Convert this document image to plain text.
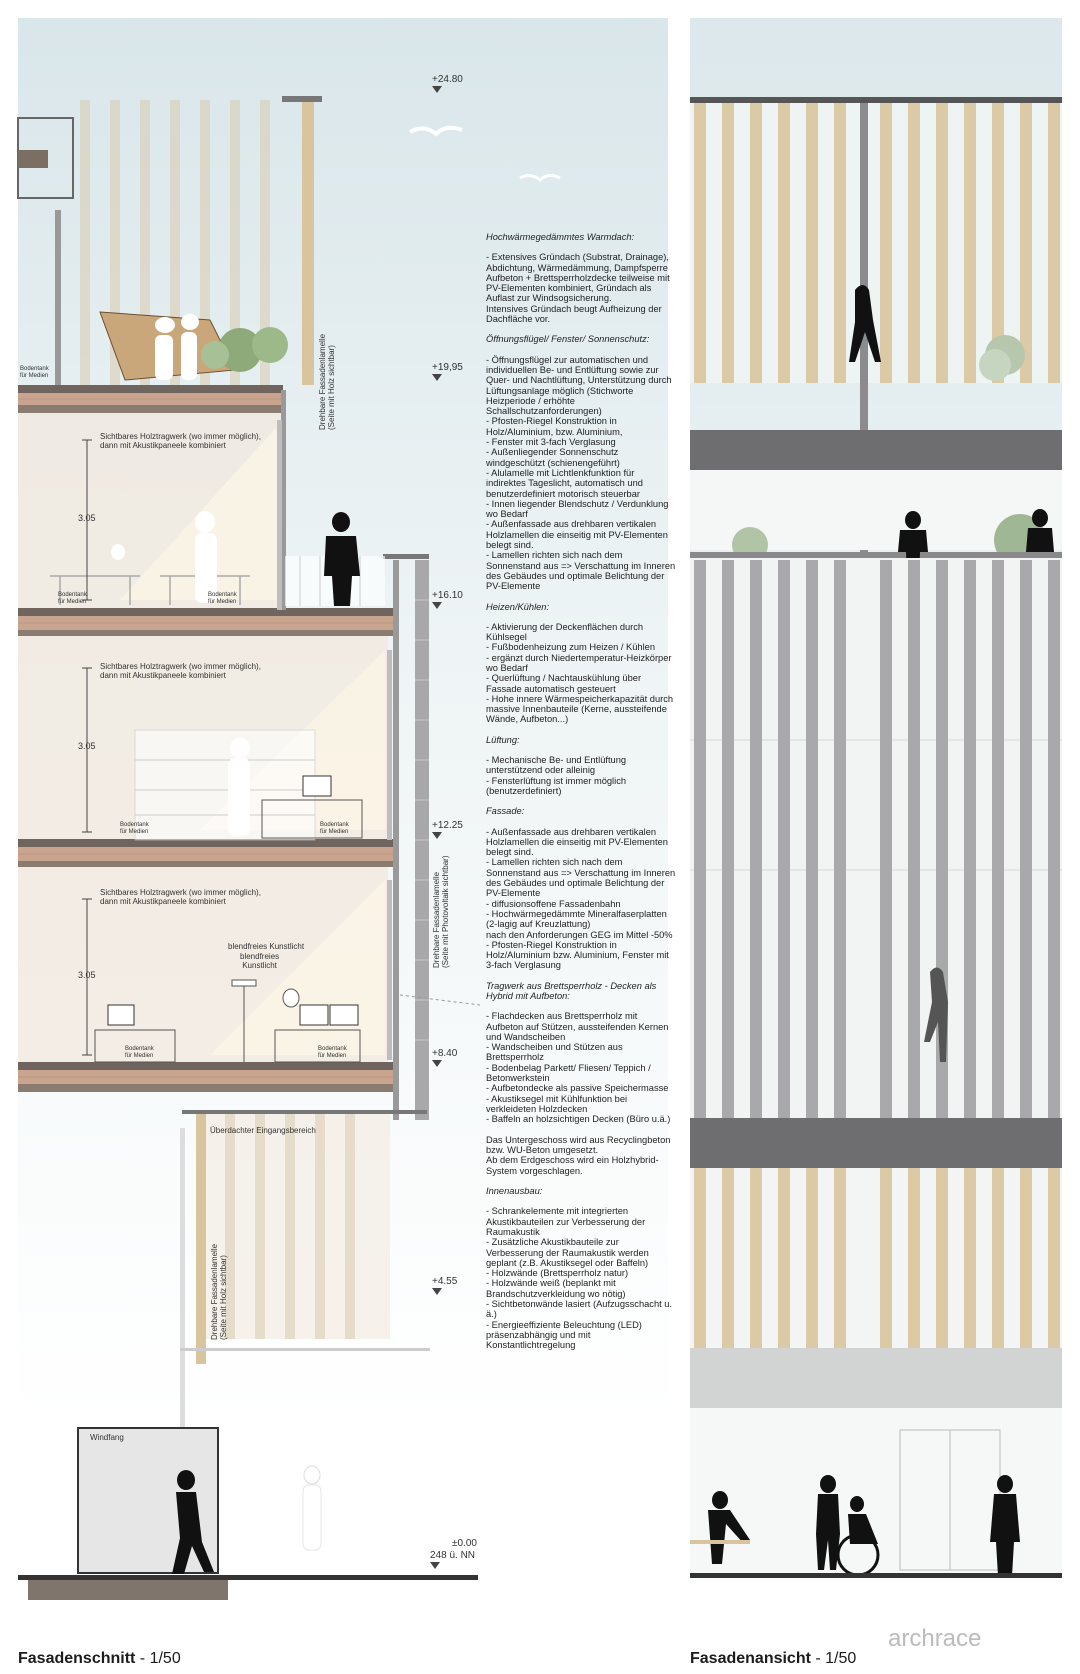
+24.80
+19,95
+16.10
+12.25
+8.40
+4.55
±0.00
248 ü. NN
3.05
3.05
3.05
Sichtbares Holztragwerk (wo immer möglich),
dann mit Akustikpaneele kombiniert
Sichtbares Holztragwerk (wo immer möglich),
dann mit Akustikpaneele kombiniert
Sichtbares Holztragwerk (wo immer möglich),
dann mit Akustikpaneele kombiniert
Bodentank
für Medien
Bodentank
für Medien
Bodentank
für Medien
Bodentank
für Medien
Bodentank
für Medien
Bodentank
für Medien
Bodentank
für Medien
blendfreies Kunstlicht
blendfreies
Kunstlicht
Überdachter Eingangsbereich
Windfang
Drehbare Fassadenlamelle
(Seite mit Holz sichtbar)
Drehbare Fassadenlamelle
(Seite mit Photovoltaik sichtbar)
Drehbare Fassadenlamelle
(Seite mit Holz sichtbar)
Hochwärmegedämmtes Warmdach:

- Extensives Gründach (Substrat, Drainage), Abdichtung, Wärmedämmung, Dampfsperre Aufbeton + Brettsperrholzdecke teilweise mit PV-Elementen kombiniert, Gründach als Auflast zur Windsogsicherung.
Intensives Gründach beugt Aufheizung der Dachfläche vor.

Öffnungsflügel/ Fenster/ Sonnenschutz:

- Öffnungsflügel zur automatischen und individuellen Be- und Entlüftung sowie zur Quer- und Nachtlüftung, Unterstützung durch Lüftungsanlage möglich (Stichworte Heizperiode / erhöhte Schallschutzanforderungen)
- Pfosten-Riegel Konstruktion in Holz/Aluminium, bzw. Aluminium,
- Fenster mit 3-fach Verglasung
- Außenliegender Sonnenschutz windgeschützt (schienengeführt)
- Alulamelle mit Lichtlenkfunktion für indirektes Tageslicht, automatisch und benutzerdefiniert motorisch steuerbar
- Innen liegender Blendschutz / Verdunklung wo Bedarf
- Außenfassade aus drehbaren vertikalen Holzlamellen die einseitig mit PV-Elementen belegt sind.
- Lamellen richten sich nach dem Sonnenstand aus => Verschattung im Inneren des Gebäudes und optimale Belichtung der PV-Elemente

Heizen/Kühlen:

- Aktivierung der Deckenflächen durch Kühlsegel
- Fußbodenheizung zum Heizen / Kühlen
- ergänzt durch Niedertemperatur-Heizkörper wo Bedarf
- Querlüftung / Nachtauskühlung über Fassade automatisch gesteuert
- Hohe innere Wärmespeicherkapazität durch massive Innenbauteile (Kerne, aussteifende Wände, Aufbeton...)

Lüftung:

- Mechanische Be- und Entlüftung unterstützend oder alleinig
- Fensterlüftung ist immer möglich (benutzerdefiniert)

Fassade:

- Außenfassade aus drehbaren vertikalen Holzlamellen die einseitig mit PV-Elementen belegt sind.
- Lamellen richten sich nach dem Sonnenstand aus => Verschattung im Inneren des Gebäudes und optimale Belichtung der PV-Elemente
- diffusionsoffene Fassadenbahn
- Hochwärmegedämmte Mineralfaserplatten (2-lagig auf Kreuzlattung)
nach den Anforderungen GEG im Mittel -50%
- Pfosten-Riegel Konstruktion in Holz/Aluminium bzw. Aluminium, Fenster mit 3-fach Verglasung

Tragwerk aus Brettsperrholz - Decken als Hybrid mit Aufbeton:

- Flachdecken aus Brettsperrholz mit Aufbeton auf Stützen, aussteifenden Kernen und Wandscheiben
- Wandscheiben und Stützen aus Brettsperrholz
- Bodenbelag Parkett/ Fliesen/ Teppich / Betonwerkstein
- Aufbetondecke als passive Speichermasse
- Akustiksegel mit Kühlfunktion bei verkleideten Holzdecken
- Baffeln an holzsichtigen Decken (Büro u.ä.)

Das Untergeschoss wird aus Recyclingbeton bzw. WU-Beton umgesetzt.
Ab dem Erdgeschoss wird ein Holzhybrid-System vorgeschlagen.

Innenausbau:

- Schrankelemente mit integrierten Akustikbauteilen zur Verbesserung der Raumakustik
- Zusätzliche Akustikbauteile zur Verbesserung der Raumakustik werden geplant (z.B. Akustiksegel oder Baffeln)
- Holzwände (Brettsperrholz natur)
- Holzwände weiß (beplankt mit Brandschutzverkleidung wo nötig)
- Sichtbetonwände lasiert (Aufzugsschacht u. ä.)
- Energieeffiziente Beleuchtung (LED) präsenzabhängig und mit Konstantlichtregelung

Fasadenschnitt - 1/50	Fasadenansicht - 1/50
archrace
